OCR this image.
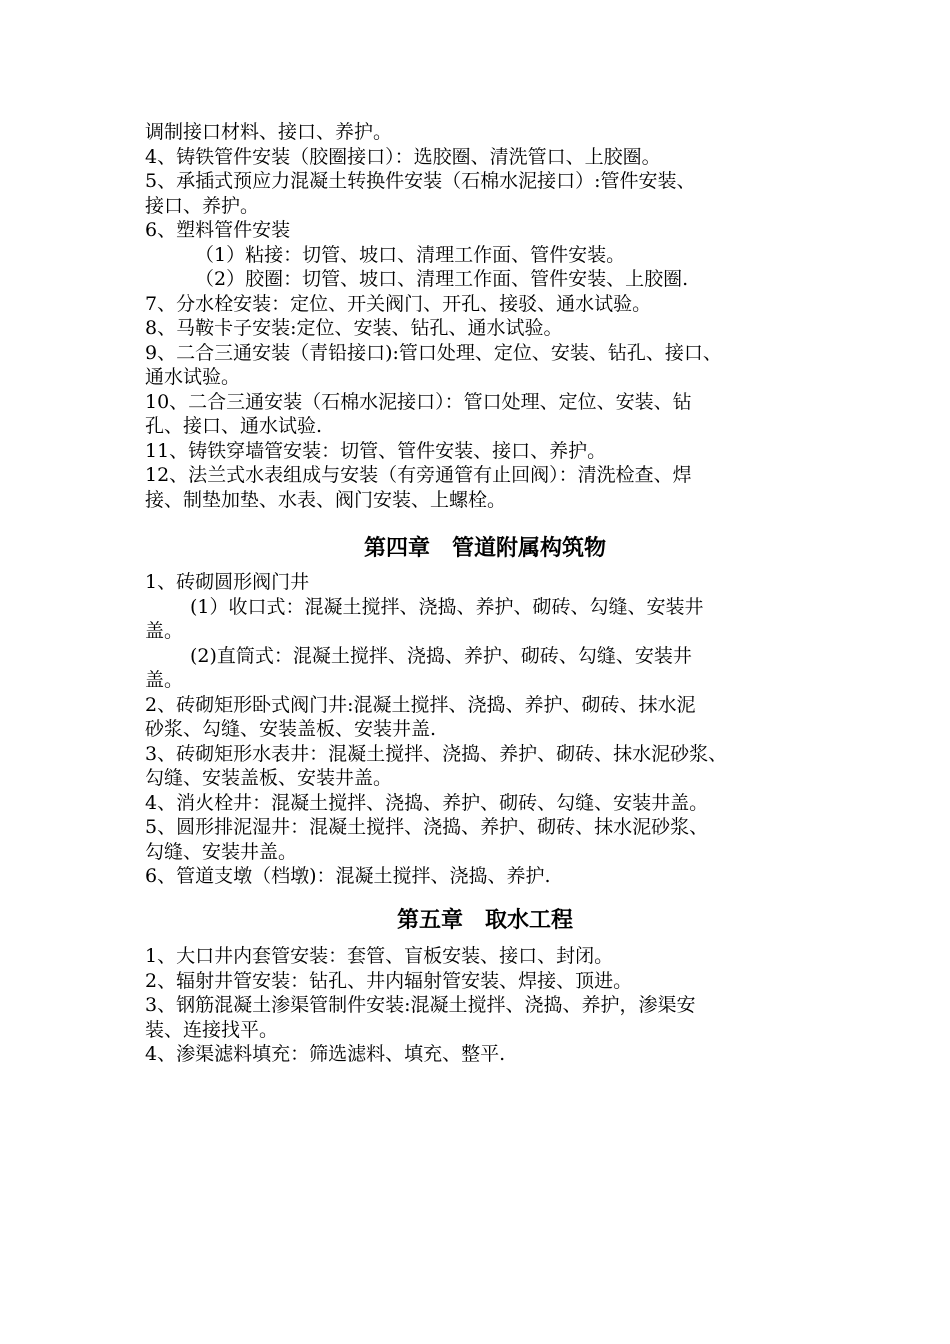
调制接口材料、接口、养护。

4、铸铁管件安装（胶圈接口）：选胶圈、清洗管口、上胶圈。

5、承插式预应力混凝土转换件安装（石棉水泥接口）:管件安装、

接口、养护。

6、塑料管件安装

（1）粘接：切管、坡口、清理工作面、管件安装。

（2）胶圈：切管、坡口、清理工作面、管件安装、上胶圈.

7、分水栓安装：定位、开关阀门、开孔、接驳、通水试验。

8、马鞍卡子安装:定位、安装、钻孔、通水试验。

9、二合三通安装（青铅接口):管口处理、定位、安装、钻孔、接口、

通水试验。

10、二合三通安装（石棉水泥接口）：管口处理、定位、安装、钻

孔、接口、通水试验.

11、铸铁穿墙管安装：切管、管件安装、接口、养护。

12、法兰式水表组成与安装（有旁通管有止回阀）：清洗检查、焊

接、制垫加垫、水表、阀门安装、上螺栓。

第四章　管道附属构筑物

1、砖砌圆形阀门井

(1）收口式：混凝土搅拌、浇捣、养护、砌砖、勾缝、安装井

盖。

(2)直筒式：混凝土搅拌、浇捣、养护、砌砖、勾缝、安装井

盖。

2、砖砌矩形卧式阀门井:混凝土搅拌、浇捣、养护、砌砖、抹水泥

砂浆、勾缝、安装盖板、安装井盖.

3、砖砌矩形水表井：混凝土搅拌、浇捣、养护、砌砖、抹水泥砂浆、

勾缝、安装盖板、安装井盖。

4、消火栓井：混凝土搅拌、浇捣、养护、砌砖、勾缝、安装井盖。

5、圆形排泥湿井：混凝土搅拌、浇捣、养护、砌砖、抹水泥砂浆、

勾缝、安装井盖。

6、管道支墩（档墩)：混凝土搅拌、浇捣、养护.

第五章　取水工程

1、大口井内套管安装：套管、盲板安装、接口、封闭。

2、辐射井管安装：钻孔、井内辐射管安装、焊接、顶进。

3、钢筋混凝土渗渠管制件安装:混凝土搅拌、浇捣、养护，渗渠安

装、连接找平。

4、渗渠滤料填充：筛选滤料、填充、整平.
